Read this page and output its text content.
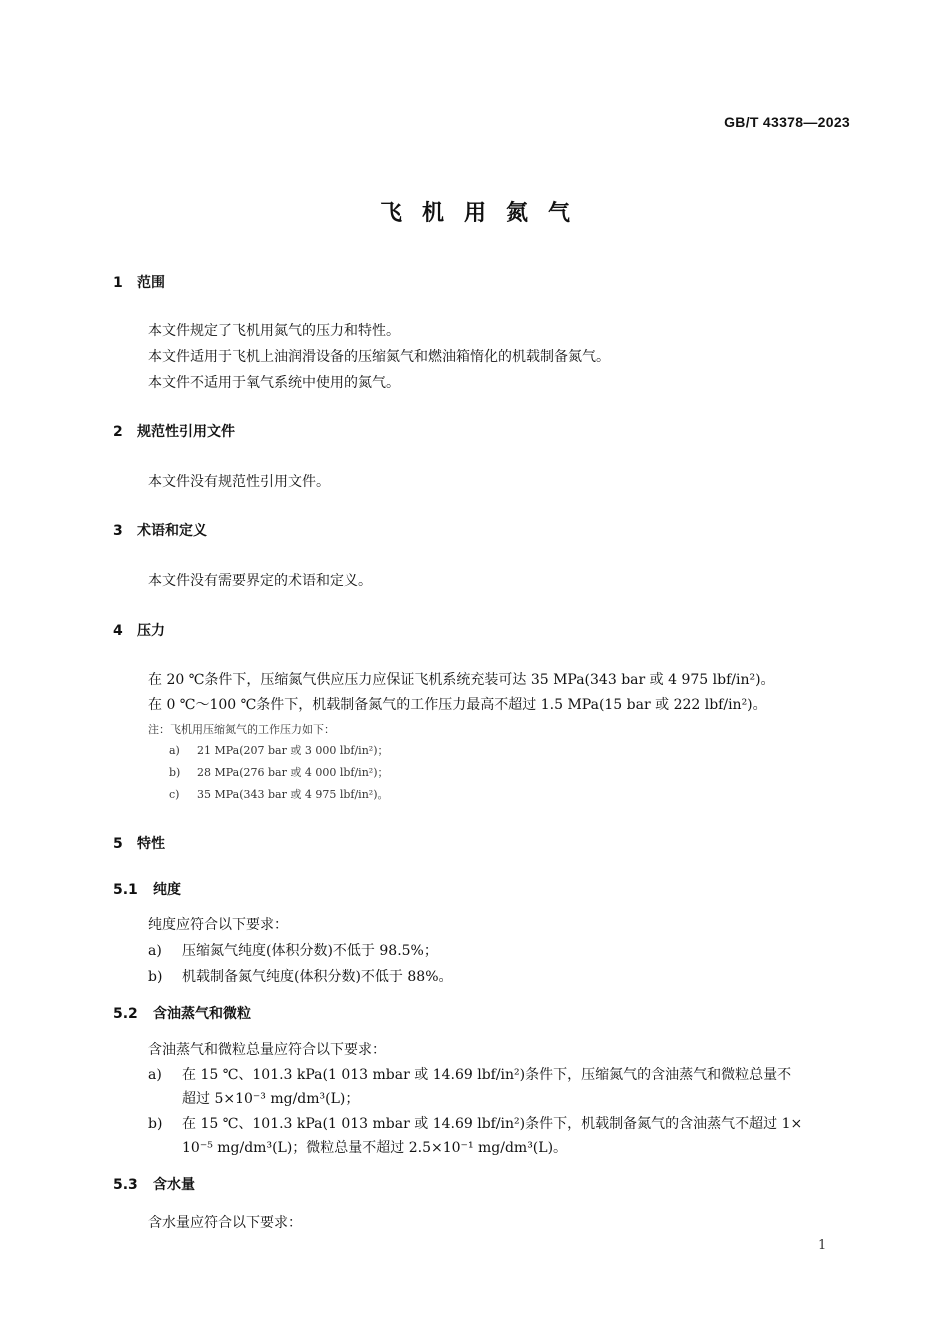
GB/T 43378—2023
飞机用氮气
1 范围
本文件规定了飞机用氮气的压力和特性。
本文件适用于飞机上油润滑设备的压缩氮气和燃油箱惰化的机载制备氮气。
本文件不适用于氧气系统中使用的氮气。
2 规范性引用文件
本文件没有规范性引用文件。
3 术语和定义
本文件没有需要界定的术语和定义。
4 压力
在 20 ℃条件下，压缩氮气供应压力应保证飞机系统充装可达 35 MPa(343 bar 或 4 975 lbf/in²)。
在 0 ℃～100 ℃条件下，机载制备氮气的工作压力最高不超过 1.5 MPa(15 bar 或 222 lbf/in²)。
注：飞机用压缩氮气的工作压力如下：
a) 21 MPa(207 bar 或 3 000 lbf/in²)；
b) 28 MPa(276 bar 或 4 000 lbf/in²)；
c) 35 MPa(343 bar 或 4 975 lbf/in²)。
5 特性
5.1 纯度
纯度应符合以下要求：
a) 压缩氮气纯度(体积分数)不低于 98.5%；
b) 机载制备氮气纯度(体积分数)不低于 88%。
5.2 含油蒸气和微粒
含油蒸气和微粒总量应符合以下要求：
a) 在 15 ℃、101.3 kPa(1 013 mbar 或 14.69 lbf/in²)条件下，压缩氮气的含油蒸气和微粒总量不
超过 5×10⁻³ mg/dm³(L)；
b) 在 15 ℃、101.3 kPa(1 013 mbar 或 14.69 lbf/in²)条件下，机载制备氮气的含油蒸气不超过 1×
10⁻⁵ mg/dm³(L)；微粒总量不超过 2.5×10⁻¹ mg/dm³(L)。
5.3 含水量
含水量应符合以下要求：
1
